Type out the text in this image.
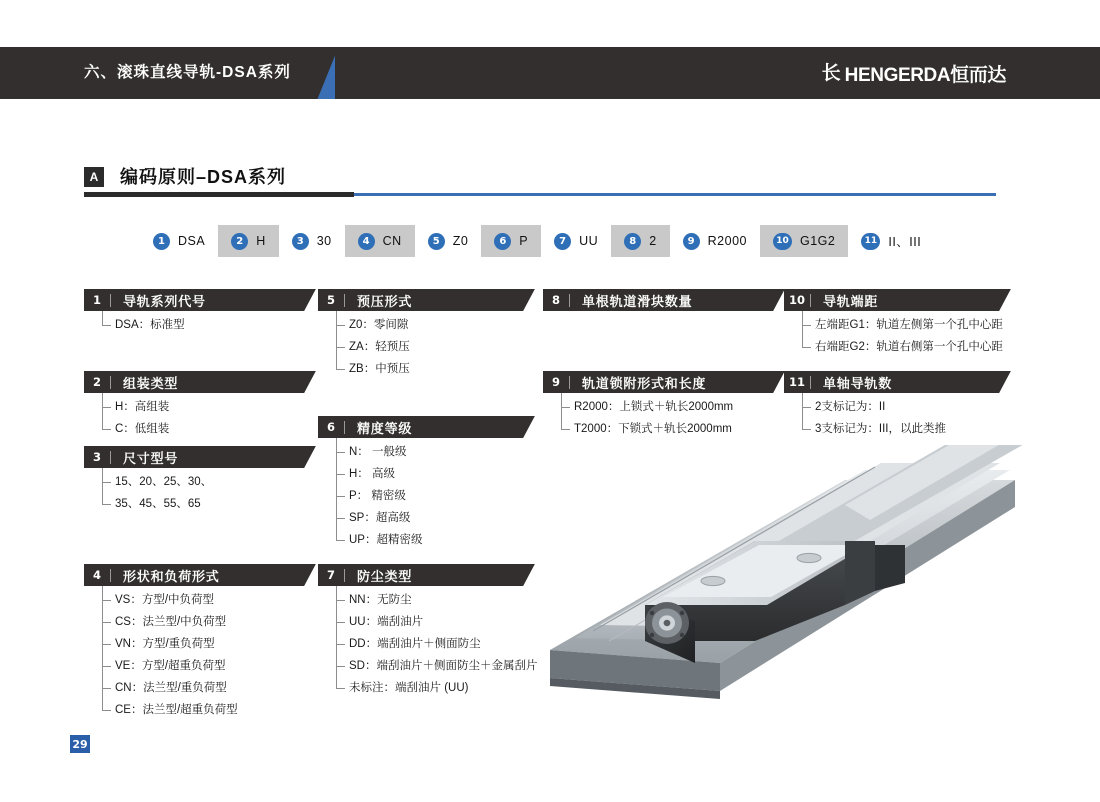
六、滚珠直线导轨-DSA系列	长 HENGERDA恒而达
A	编码原则–DSA系列
1	DSA	2	H	3	30	4	CN	5	Z0	6	P	7	UU	8	2	9	R2000	10 G1G2	11 II、III
1	导轨系列代号
DSA：标准型
2	组装类型
H：高组装
C：低组装
3	尺寸型号
15、20、25、30、
35、45、55、65
4	形状和负荷形式
VS：方型/中负荷型
CS：法兰型/中负荷型
VN：方型/重负荷型
VE：方型/超重负荷型
CN：法兰型/重负荷型
CE：法兰型/超重负荷型
5	预压形式
Z0：零间隙
ZA：轻预压
ZB：中预压
6	精度等级
N： 一般级
H： 高级
P： 精密级
SP：超高级
UP：超精密级
7	防尘类型
NN：无防尘
UU：端刮油片
DD：端刮油片＋侧面防尘
SD：端刮油片＋侧面防尘＋金属刮片
未标注：端刮油片 (UU)
8	单根轨道滑块数量
9	轨道锁附形式和长度
R2000：上锁式＋轨长2000mm
T2000：下锁式＋轨长2000mm
10	导轨端距
左端距G1：轨道左侧第一个孔中心距
右端距G2：轨道右侧第一个孔中心距
11	单轴导轨数
2支标记为：II
3支标记为：III，以此类推
29
